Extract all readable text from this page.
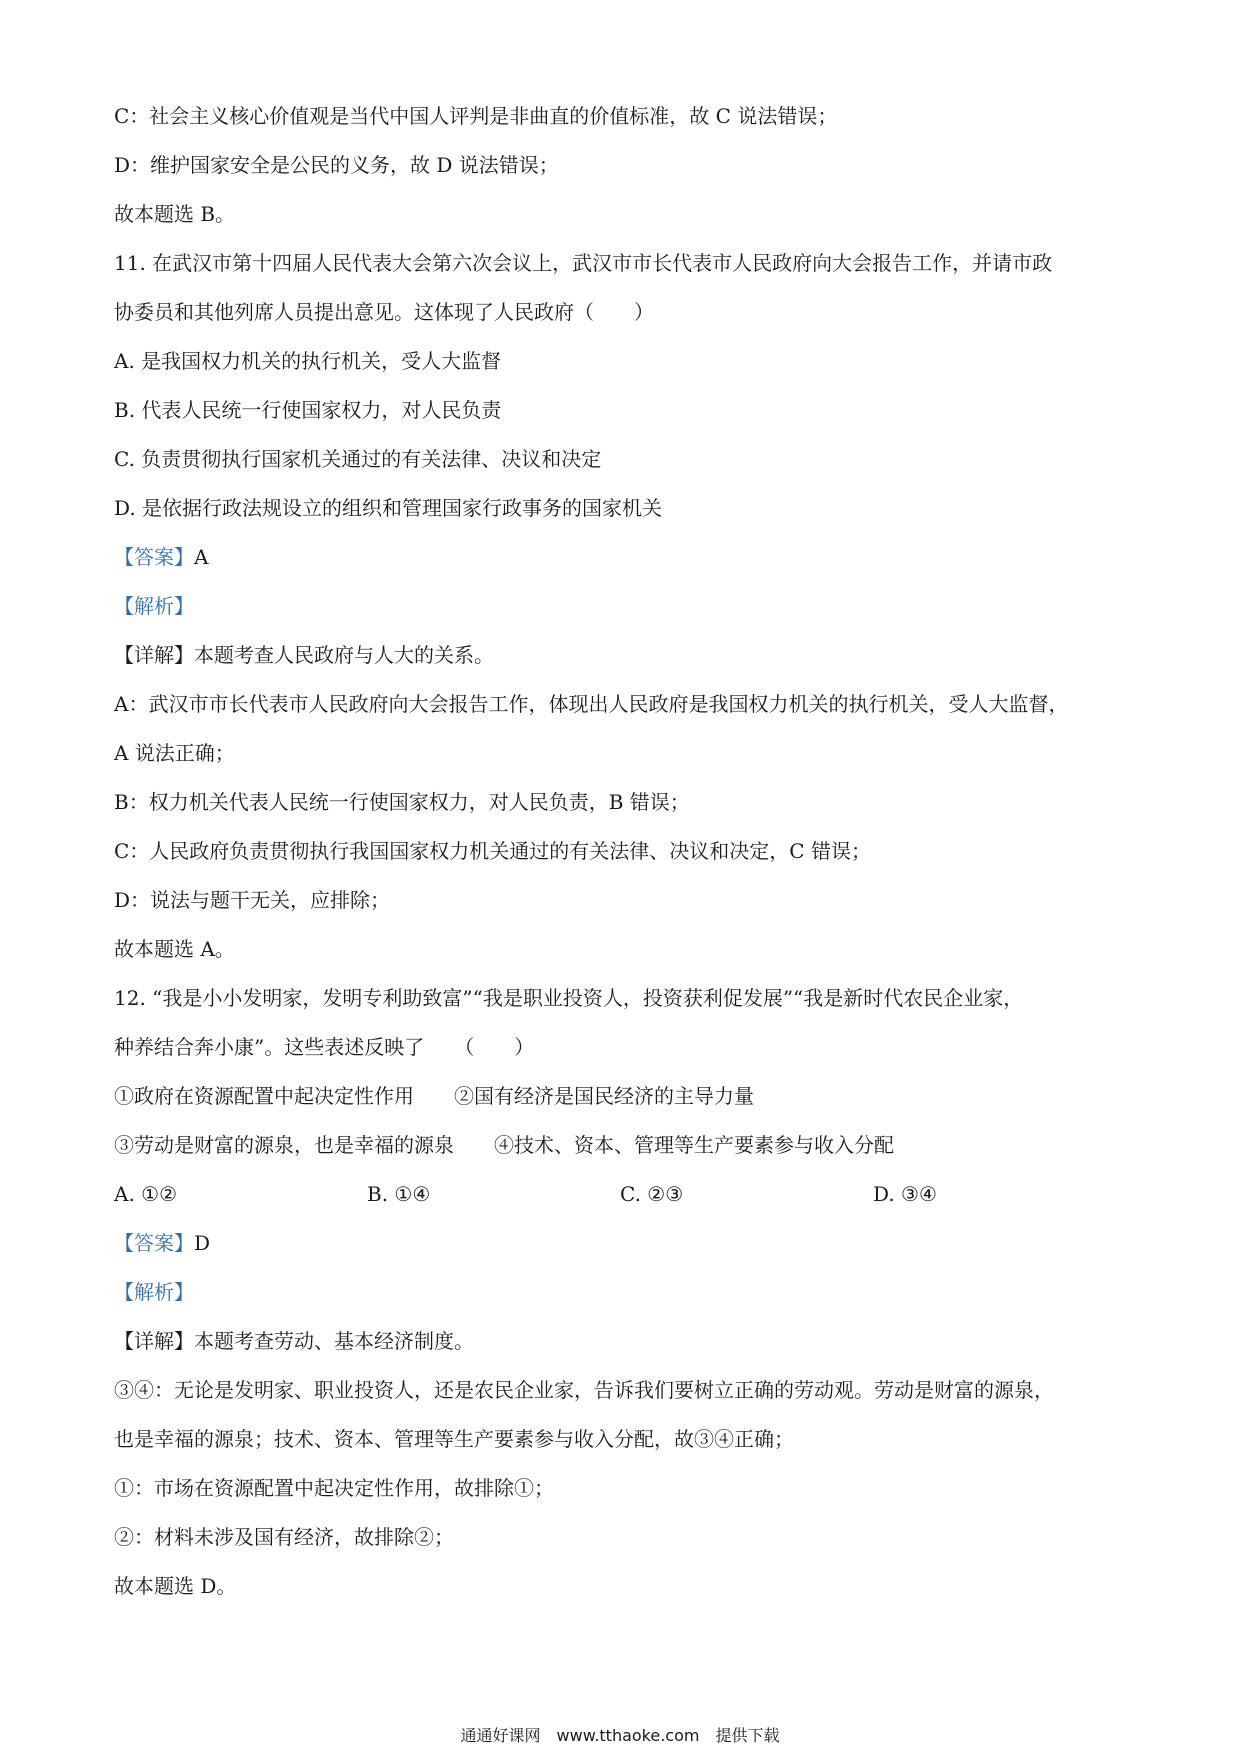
C：社会主义核心价值观是当代中国人评判是非曲直的价值标准，故 C 说法错误；
D：维护国家安全是公民的义务，故 D 说法错误；
故本题选 B。
11. 在武汉市第十四届人民代表大会第六次会议上，武汉市市长代表市人民政府向大会报告工作，并请市政
协委员和其他列席人员提出意见。这体现了人民政府（　　）
A. 是我国权力机关的执行机关，受人大监督
B. 代表人民统一行使国家权力，对人民负责
C. 负责贯彻执行国家机关通过的有关法律、决议和决定
D. 是依据行政法规设立的组织和管理国家行政事务的国家机关
【答案】A
【解析】
【详解】本题考查人民政府与人大的关系。
A：武汉市市长代表市人民政府向大会报告工作，体现出人民政府是我国权力机关的执行机关，受人大监督，
A 说法正确；
B：权力机关代表人民统一行使国家权力，对人民负责，B 错误；
C：人民政府负责贯彻执行我国国家权力机关通过的有关法律、决议和决定，C 错误；
D：说法与题干无关，应排除；
故本题选 A。
12. “我是小小发明家，发明专利助致富”“我是职业投资人，投资获利促发展”“我是新时代农民企业家，
种养结合奔小康”。这些表述反映了　　（　　）
①政府在资源配置中起决定性作用　　②国有经济是国民经济的主导力量
③劳动是财富的源泉，也是幸福的源泉　　④技术、资本、管理等生产要素参与收入分配
A. ①②	B. ①④	C. ②③	D. ③④
【答案】D
【解析】
【详解】本题考查劳动、基本经济制度。
③④：无论是发明家、职业投资人，还是农民企业家，告诉我们要树立正确的劳动观。劳动是财富的源泉，
也是幸福的源泉；技术、资本、管理等生产要素参与收入分配，故③④正确；
①：市场在资源配置中起决定性作用，故排除①；
②：材料未涉及国有经济，故排除②；
故本题选 D。
通通好课网　www.tthaoke.com　提供下载
